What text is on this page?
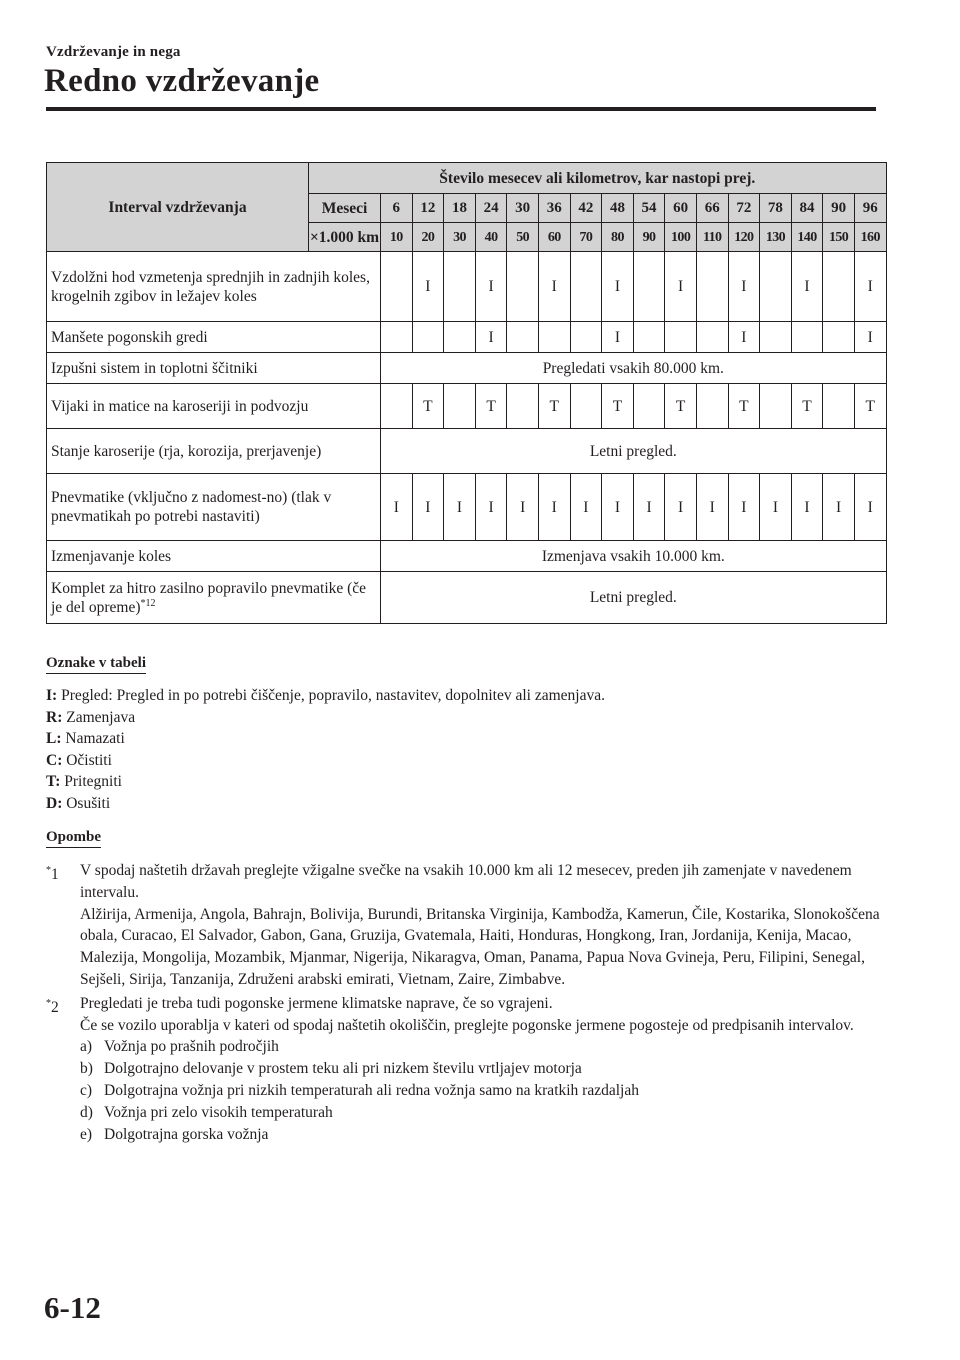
Vzdrževanje in nega
Redno vzdrževanje
Interval vzdrževanja	Število mesecev ali kilometrov, kar nastopi prej.																
	Meseci	6	12	18	24	30	36	42	48	54	60	66	72	78	84	90	96
	×1.000 km	10	20	30	40	50	60	70	80	90	100	110	120	130	140	150	160
Vzdolžni hod vzmetenja sprednjih in zadnjih koles, krogelnih zgibov in ležajev koles			I		I		I		I		I		I		I		I
Manšete pogonskih gredi					I				I				I				I
Izpušni sistem in toplotni ščitniki		Pregledati vsakih 80.000 km.															
Vijaki in matice na karoseriji in podvozju			T		T		T		T		T		T		T		T
Stanje karoserije (rja, korozija, prerjavenje)		Letni pregled.															
Pnevmatike (vključno z nadomest-no) (tlak v pnevmatikah po potrebi nastaviti)		I	I	I	I	I	I	I	I	I	I	I	I	I	I	I	I
Izmenjavanje koles		Izmenjava vsakih 10.000 km.															
Komplet za hitro zasilno popravilo pnevmatike (če je del opreme)$^{*12}$		Letni pregled.															
Oznake v tabeli
I: Pregled: Pregled in po potrebi čiščenje, popravilo, nastavitev, dopolnitev ali zamenjava.
R: Zamenjava
L: Namazati
C: Očistiti
T: Pritegniti
D: Osušiti
Opombe
*1 V spodaj naštetih državah preglejte vžigalne svečke na vsakih 10.000 km ali 12 mesecev, preden jih zamenjate v navedenem intervalu.

Alžirija, Armenija, Angola, Bahrajn, Bolivija, Burundi, Britanska Virginija, Kambodža, Kamerun, Čile, Kostarika, Slonokoščena obala, Curacao, El Salvador, Gabon, Gana, Gruzija, Gvatemala, Haiti, Honduras, Hongkong, Iran, Jordanija, Kenija, Macao, Malezija, Mongolija, Mozambik, Mjanmar, Nigerija, Nikaragva, Oman, Panama, Papua Nova Gvineja, Peru, Filipini, Senegal, Sejšeli, Sirija, Tanzanija, Združeni arabski emirati, Vietnam, Zaire, Zimbabve.

*2 Pregledati je treba tudi pogonske jermene klimatske naprave, če so vgrajeni.

Če se vozilo uporablja v kateri od spodaj naštetih okoliščin, preglejte pogonske jermene pogosteje od predpisanih intervalov.

a) Vožnja po prašnih področjih
b) Dolgotrajno delovanje v prostem teku ali pri nizkem številu vrtljajev motorja
c) Dolgotrajna vožnja pri nizkih temperaturah ali redna vožnja samo na kratkih razdaljah
d) Vožnja pri zelo visokih temperaturah
e) Dolgotrajna gorska vožnja
6-12
